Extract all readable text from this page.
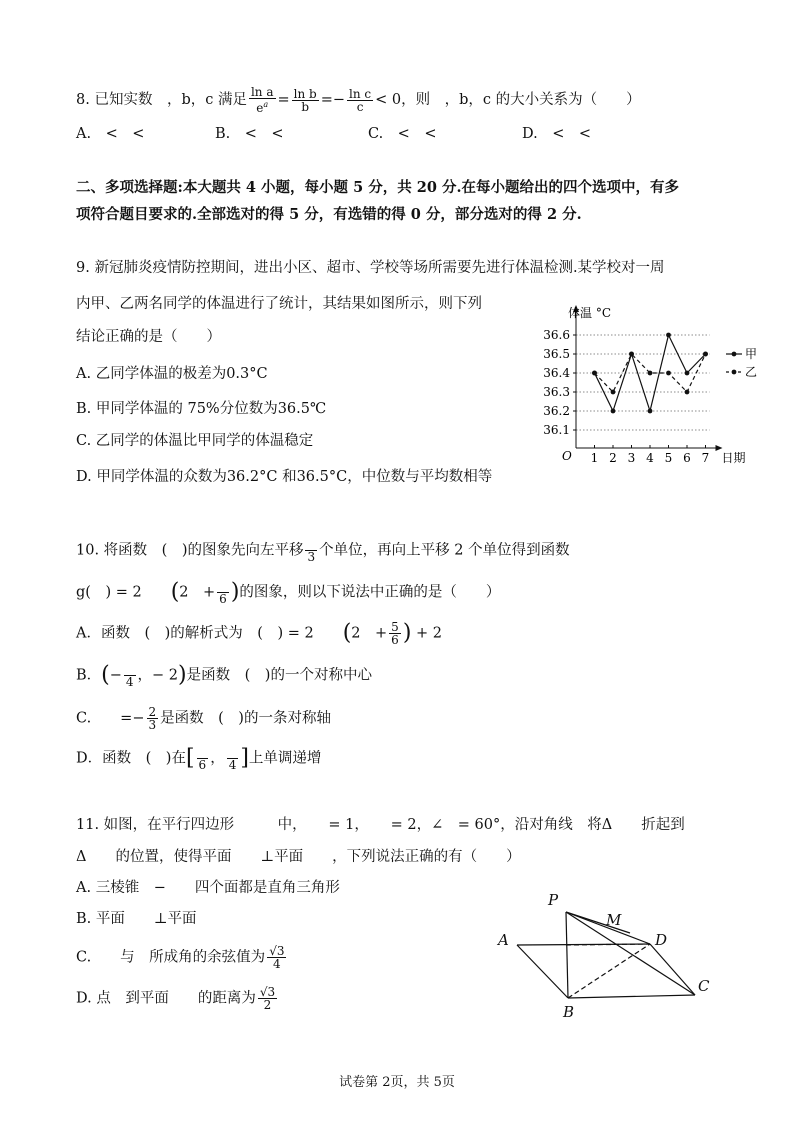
8. 已知实数　，b，c 满足 $\frac{\text{ln a}}{e^a} = \frac{\text{ln b}}{b} =- \frac{\text{ln c}}{c} < 0$，则　，b，c 的大小关系为（　　）
A.　<　<	B.　<　<	C.　<　<	D.　<　<
二、多项选择题:本大题共 4 小题，每小题 5 分，共 20 分.在每小题给出的四个选项中，有多
项符合题目要求的.全部选对的得 5 分，有选错的得 0 分，部分选对的得 2 分.
9. 新冠肺炎疫情防控期间，进出小区、超市、学校等场所需要先进行体温检测.某学校对一周
内甲、乙两名同学的体温进行了统计，其结果如图所示，则下列
结论正确的是（　　）
A. 乙同学体温的极差为0.3°C
B. 甲同学体温的 75%分位数为36.5℃
C. 乙同学的体温比甲同学的体温稳定
D. 甲同学体温的众数为36.2°C 和36.5°C，中位数与平均数相等
36.6
36.5
36.4
36.3
36.2
36.1
1 2 3 4 5 6 7
体温 °C
日期
O
甲
乙
10. 将函数　(　)的图象先向左平移
3 个单位，再向上平移 2 个单位得到函数
g(　) = 2　　(2　+
6 )的图象，则以下说法中正确的是（　　）
A．函数　(　)的解析式为　(　) = 2　　(2　+ $\frac{5}{6}$ ) + 2
B．(−
4 ，− 2)是函数　(　)的一个对称中心
C.　　=− $\frac{2}{3}$ 是函数　(　)的一条对称轴
D．函数　(　)在[
6 ，
4 ]上单调递增
11. 如图，在平行四边形　　　中，　　= 1，　　= 2，∠　= 60°，沿对角线　将Δ　　折起到
Δ　　的位置，使得平面　　⊥平面　　，下列说法正确的有（　　）
A. 三棱锥　−　　四个面都是直角三角形
B. 平面　　⊥平面
C.　　与　所成角的余弦值为 $\frac{√3}{4}$
D. 点　到平面　　的距离为 $\frac{√3}{2}$
P
M
A	D
B
C
试卷第 2页，共 5页
